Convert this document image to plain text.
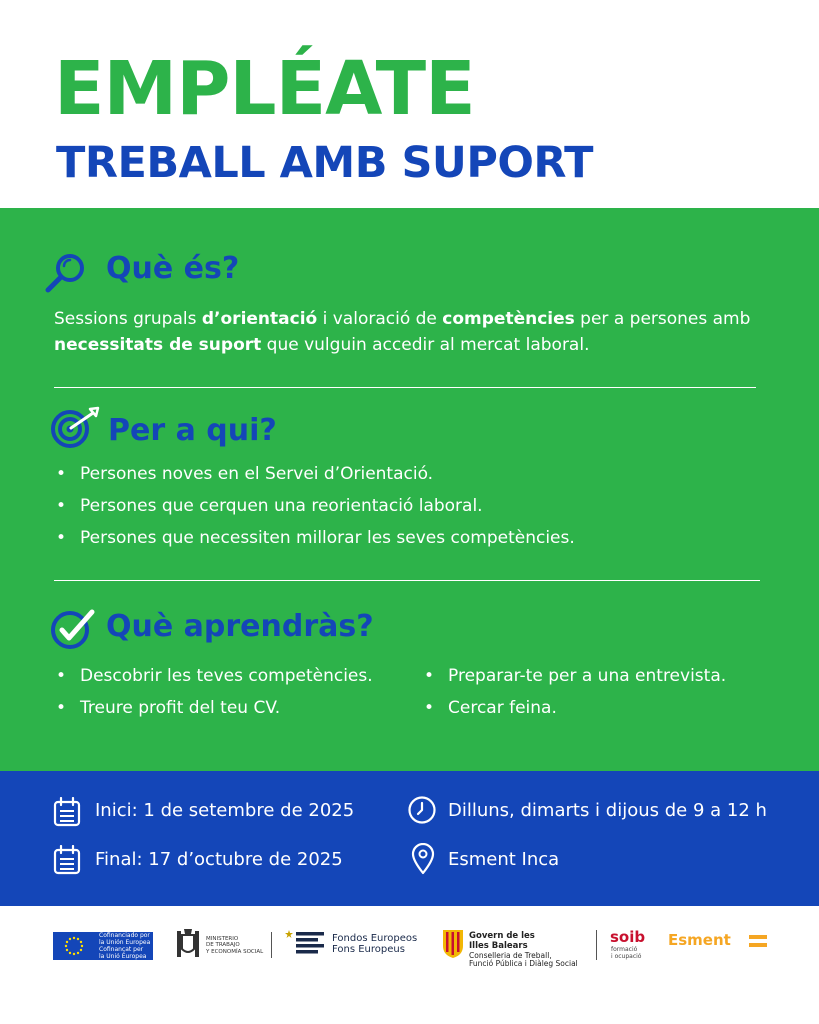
EMPLÉATE
TREBALL AMB SUPORT
Què és?
Sessions grupals d’orientació i valoració de competències per a persones amb necessitats de suport que vulguin accedir al mercat laboral.
Per a qui?
• Persones noves en el Servei d’Orientació.
• Persones que cerquen una reorientació laboral.
• Persones que necessiten millorar les seves competències.
Què aprendràs?
• Descobrir les teves competències.
• Treure profit del teu CV.
• Preparar-te per a una entrevista.
• Cercar feina.
Inici: 1 de setembre de 2025
Final: 17 d’octubre de 2025
Dilluns, dimarts i dijous de 9 a 12 h
Esment Inca
Cofinanciado por
la Unión Europea
Cofinançat per
la Unió Europea
MINISTERIO
DE TRABAJO
Y ECONOMÍA SOCIAL
Fondos Europeos
Fons Europeus
Govern de les
Illes Balears
Conselleria de Treball,
Funció Pública i Diàleg Social
soib
formació
i ocupació
Esment
